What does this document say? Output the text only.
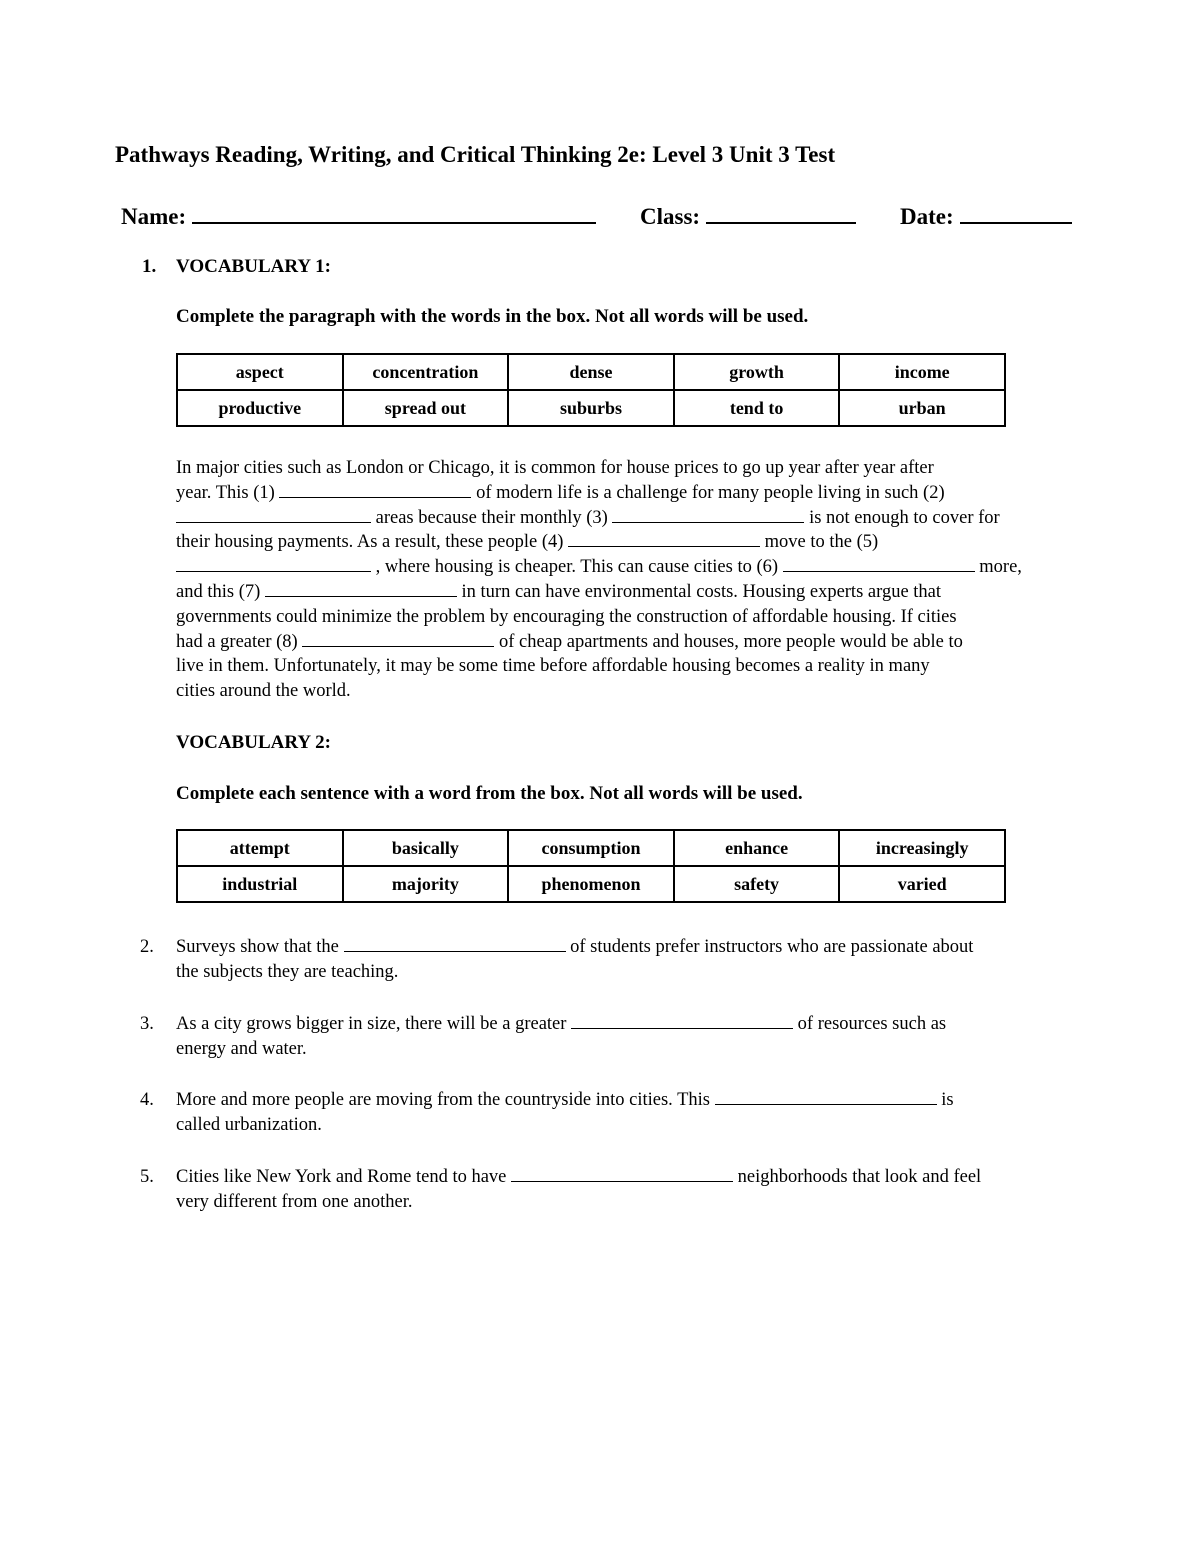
Pathways Reading, Writing, and Critical Thinking 2e: Level 3 Unit 3 Test
Name:	Class:	Date:
1. VOCABULARY 1:
Complete the paragraph with the words in the box. Not all words will be used.
aspect	concentration	dense	growth	income
productive	spread out	suburbs	tend to	urban
In major cities such as London or Chicago, it is common for house prices to go up year after year after
year. This (1)	of modern life is a challenge for many people living in such (2)
areas because their monthly (3)	is not enough to cover for
their housing payments. As a result, these people (4)	move to the (5)
, where housing is cheaper. This can cause cities to (6)	more,
and this (7)	in turn can have environmental costs. Housing experts argue that
governments could minimize the problem by encouraging the construction of affordable housing. If cities
had a greater (8)	of cheap apartments and houses, more people would be able to
live in them. Unfortunately, it may be some time before affordable housing becomes a reality in many
cities around the world.
VOCABULARY 2:
Complete each sentence with a word from the box. Not all words will be used.
attempt	basically	consumption	enhance	increasingly
industrial	majority	phenomenon	safety	varied
2.	Surveys show that the	of students prefer instructors who are passionate about
the subjects they are teaching.
3.	As a city grows bigger in size, there will be a greater	of resources such as
energy and water.
4.	More and more people are moving from the countryside into cities. This	is
called urbanization.
5.	Cities like New York and Rome tend to have	neighborhoods that look and feel
very different from one another.
